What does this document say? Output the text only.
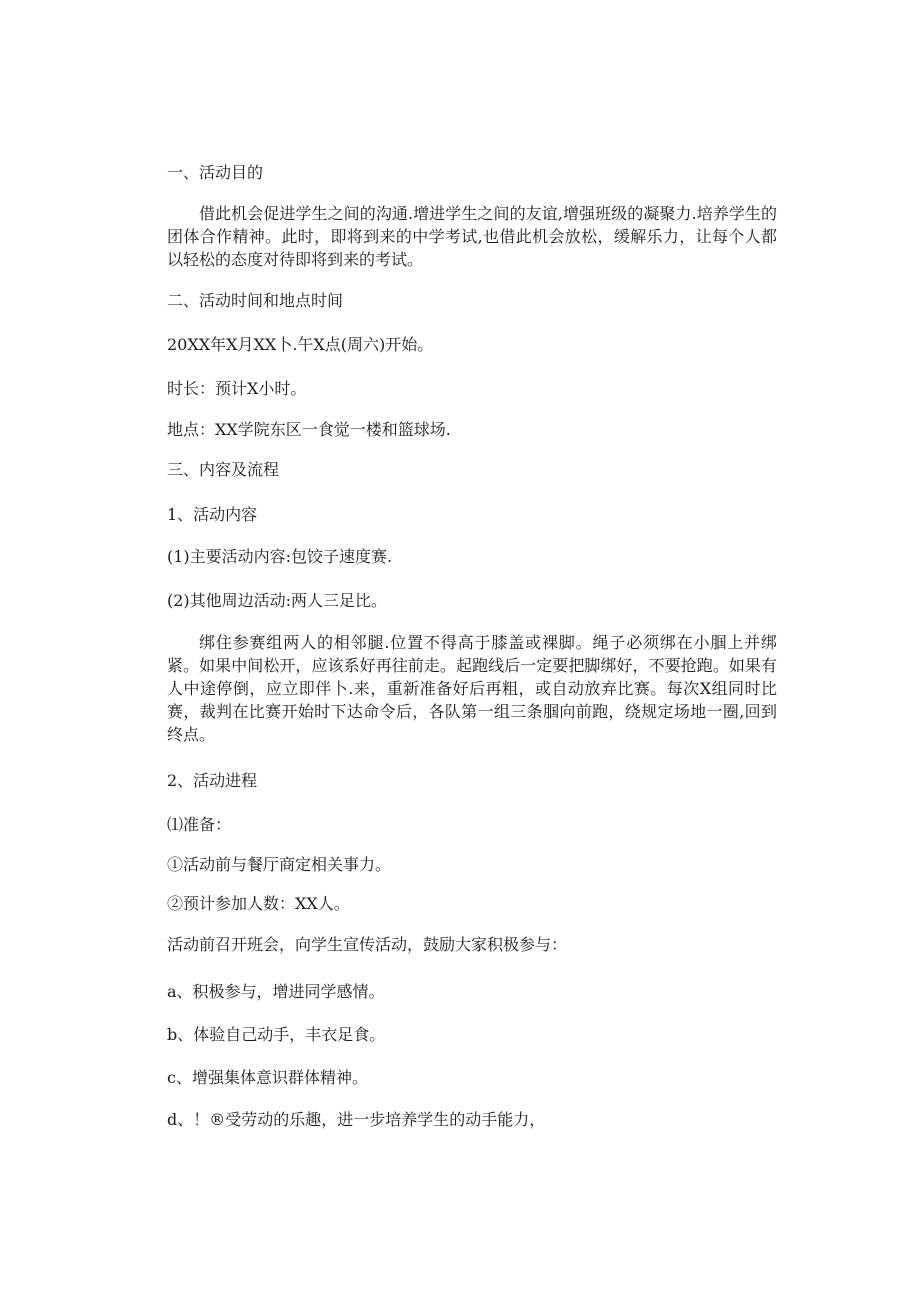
一、活动目的

借此机会促进学生之间的沟通.增进学生之间的友谊,增强班级的凝聚力.培养学生的团体合作精神。此时，即将到来的中学考试,也借此机会放松，缓解乐力，让每个人都以轻松的态度对待即将到来的考试。

二、活动时间和地点时间

20XX年X月XX卜.午X点(周六)开始。

时长：预计X小时。

地点：XX学院东区一食觉一楼和篮球场.

三、内容及流程

1、活动内容

(1)主要活动内容:包饺子速度赛.

(2)其他周边活动:两人三足比。

绑住参赛组两人的相邻腿.位置不得高于膝盖或裸脚。绳子必须绑在小腘上并绑紧。如果中间松开，应该系好再往前走。起跑线后一定要把脚绑好，不要抢跑。如果有人中途停倒，应立即伴卜.来，重新准备好后再粗，或自动放弃比赛。每次X组同时比赛，裁判在比赛开始时下达命令后，各队第一组三条腘向前跑，绕规定场地一圈,回到终点。

2、活动进程

⑴准备：

①活动前与餐厅商定相关事力。

②预计参加人数：XX人。

活动前召开班会，向学生宣传活动，鼓励大家积极参与：

a、积极参与，增进同学感情。

b、体验自己动手，丰衣足食。

c、增强集体意识群体精神。

d、！®受劳动的乐趣，进一步培养学生的动手能力，
